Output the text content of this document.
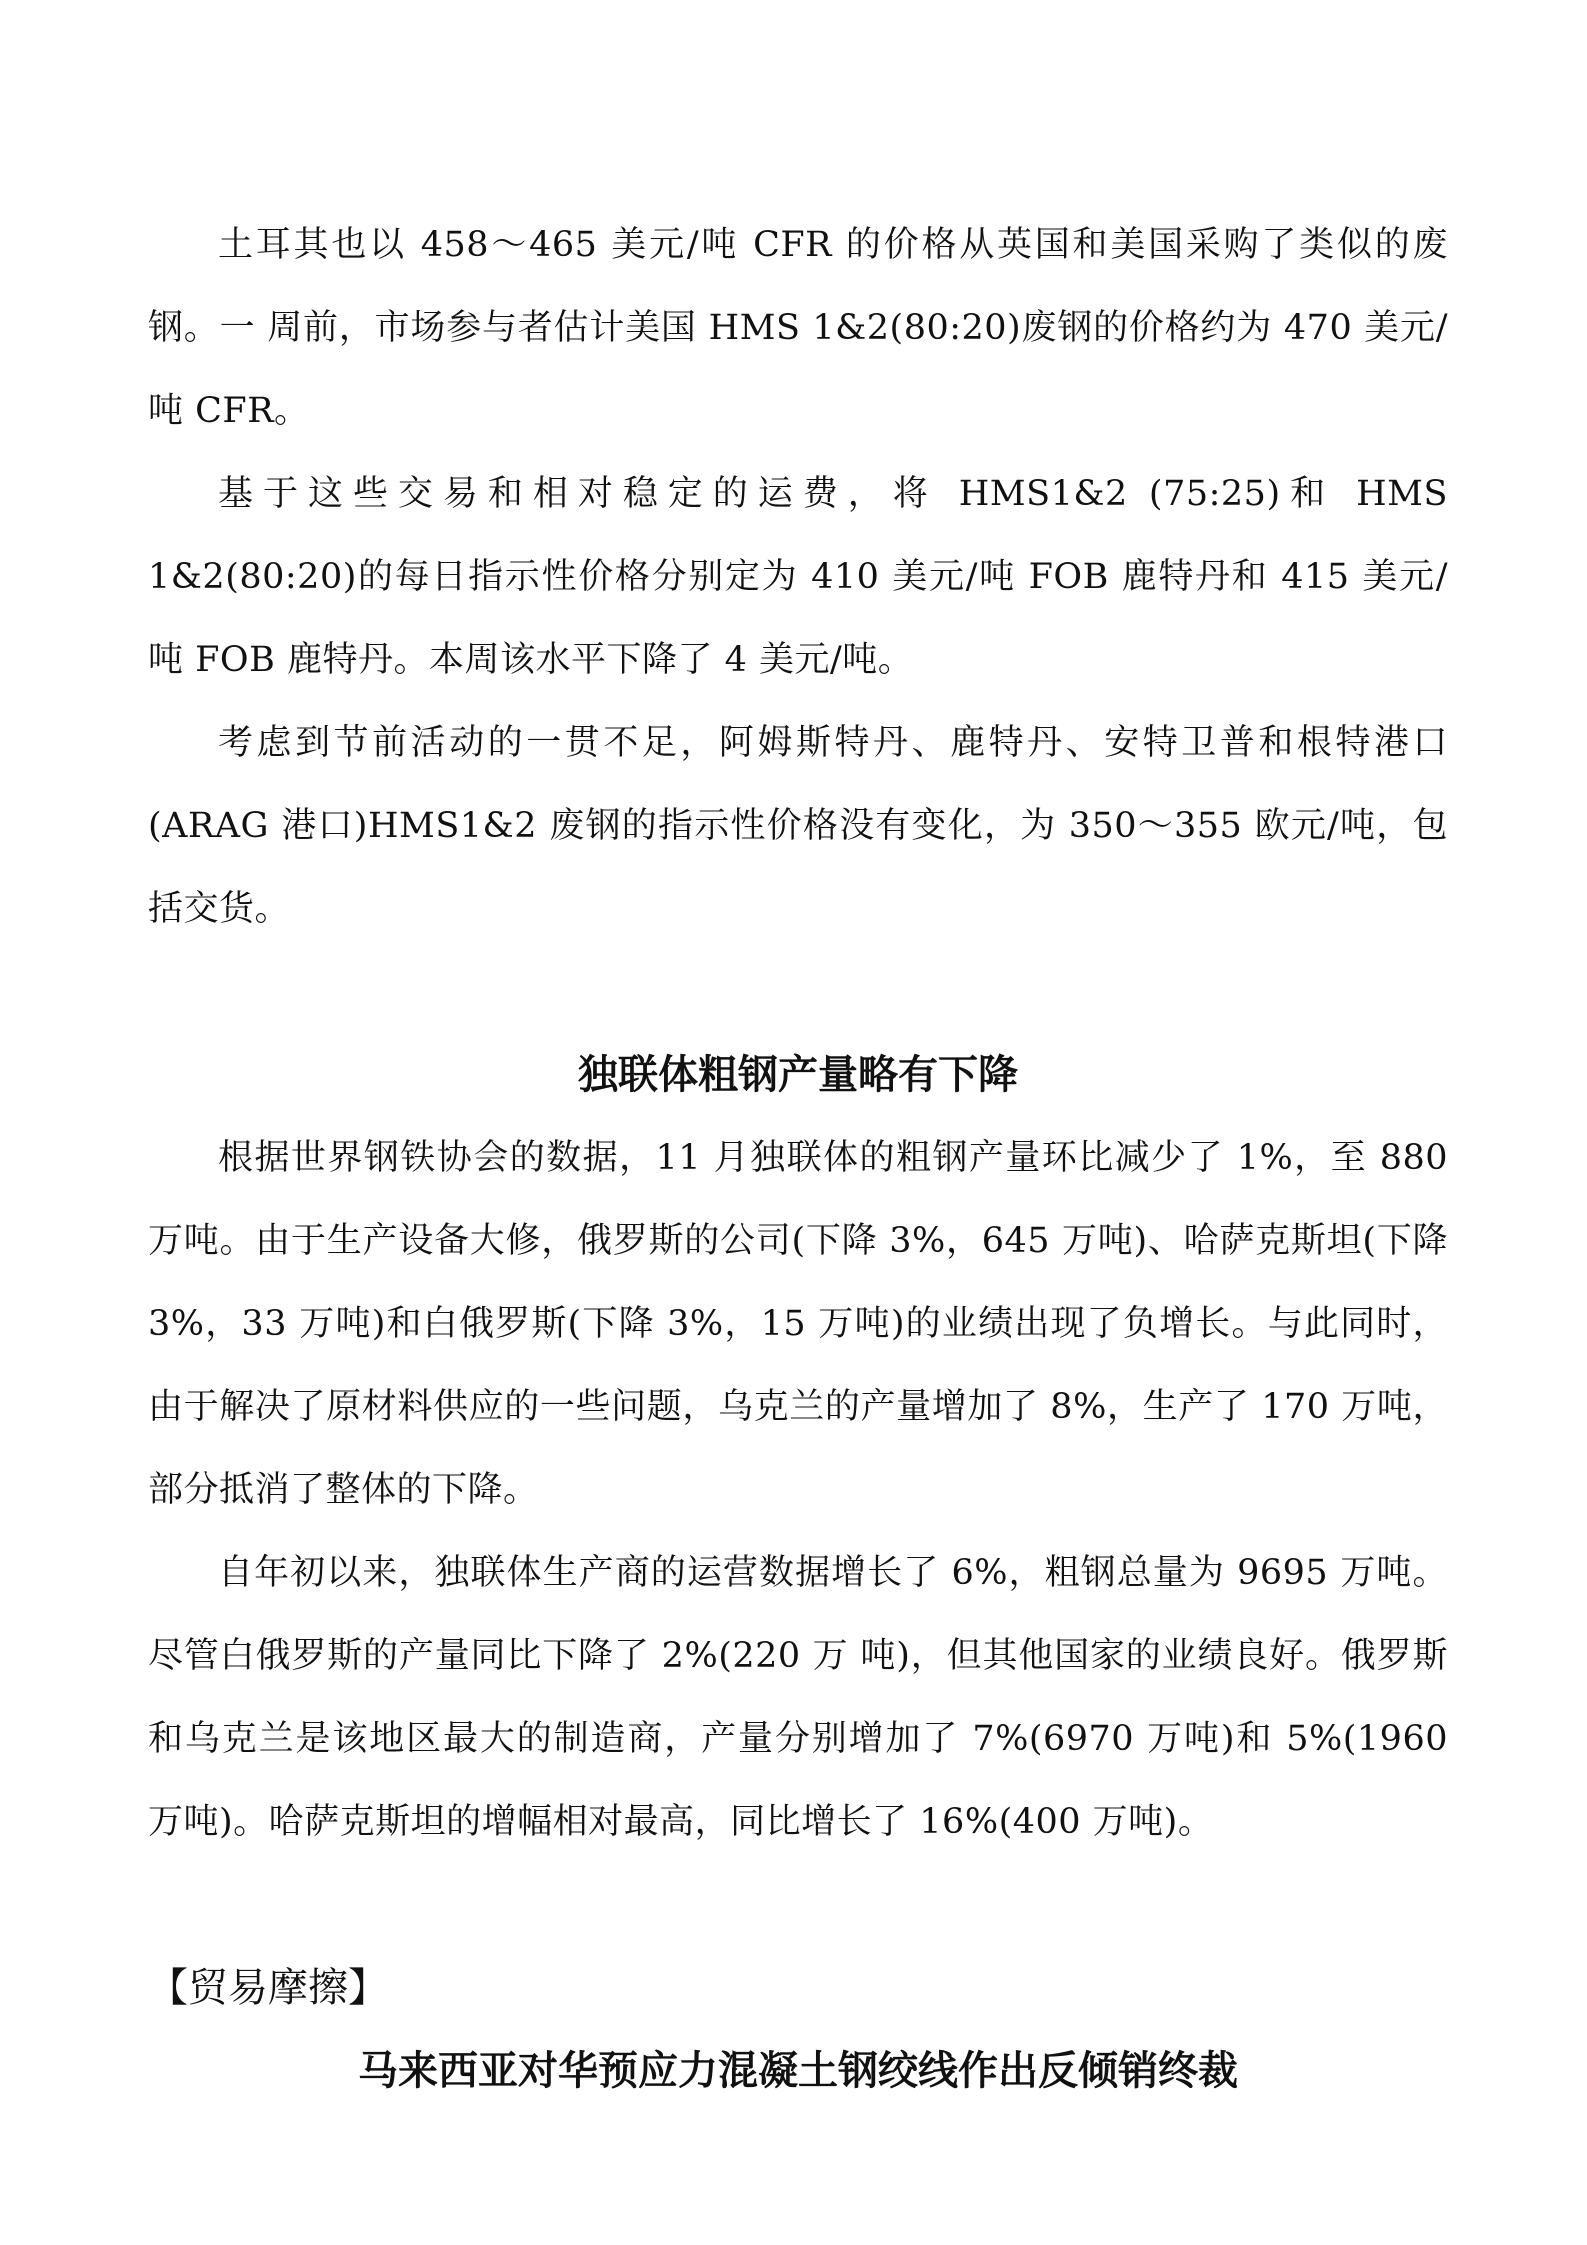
土耳其也以 458～465 美元/吨 CFR 的价格从英国和美国采购了类似的废钢。一 周前，市场参与者估计美国 HMS 1&2(80:20)废钢的价格约为 470 美元/吨 CFR。

基于这些交易和相对稳定的运费，将 HMS1&2 (75:25)和 HMS 1&2(80:20)的每日指示性价格分别定为 410 美元/吨 FOB 鹿特丹和 415 美元/吨 FOB 鹿特丹。本周该水平下降了 4 美元/吨。

考虑到节前活动的一贯不足，阿姆斯特丹、鹿特丹、安特卫普和根特港口(ARAG 港口)HMS1&2 废钢的指示性价格没有变化，为 350～355 欧元/吨，包括交货。

独联体粗钢产量略有下降

根据世界钢铁协会的数据，11 月独联体的粗钢产量环比减少了 1%，至 880 万吨。由于生产设备大修，俄罗斯的公司(下降 3%，645 万吨)、哈萨克斯坦(下降 3%，33 万吨)和白俄罗斯(下降 3%，15 万吨)的业绩出现了负增长。与此同时，由于解决了原材料供应的一些问题，乌克兰的产量增加了 8%，生产了 170 万吨，部分抵消了整体的下降。

自年初以来，独联体生产商的运营数据增长了 6%，粗钢总量为 9695 万吨。尽管白俄罗斯的产量同比下降了 2%(220 万 吨)，但其他国家的业绩良好。俄罗斯和乌克兰是该地区最大的制造商，产量分别增加了 7%(6970 万吨)和 5%(1960 万吨)。哈萨克斯坦的增幅相对最高，同比增长了 16%(400 万吨)。

【贸易摩擦】

马来西亚对华预应力混凝土钢绞线作出反倾销终裁
